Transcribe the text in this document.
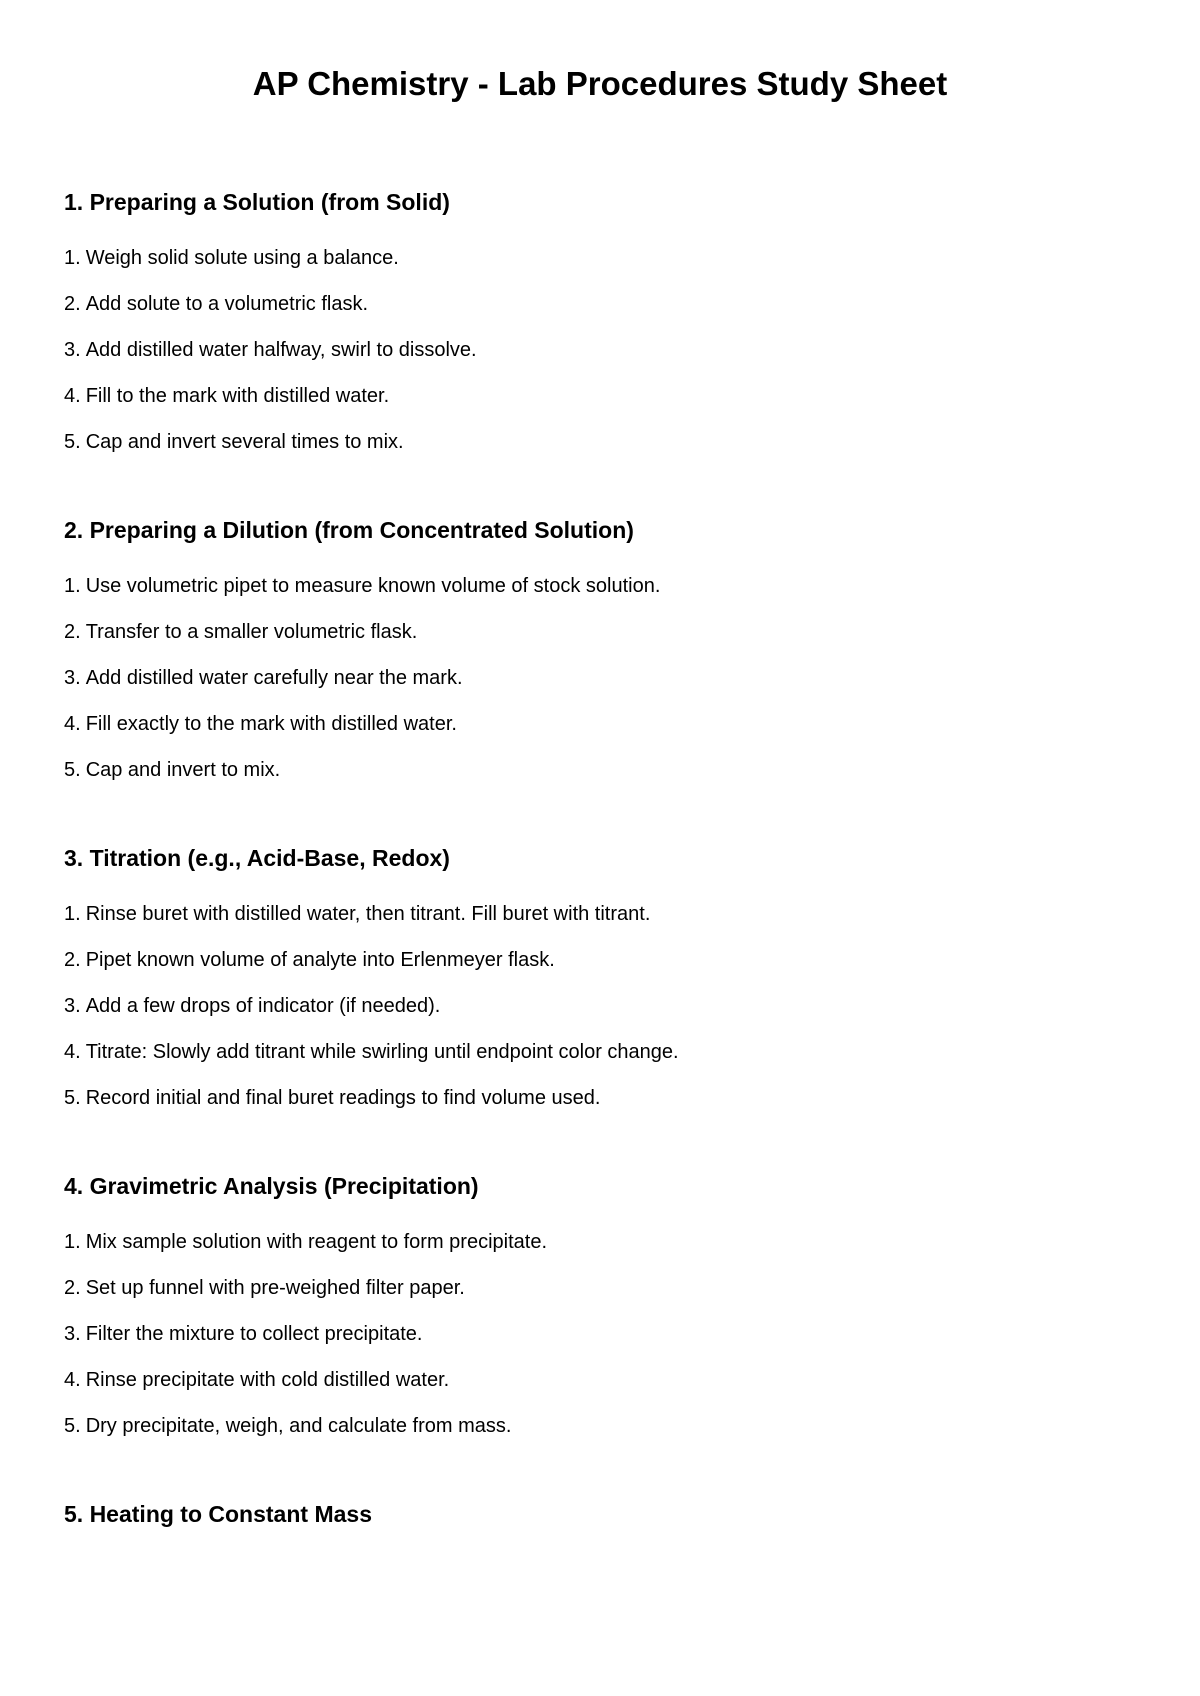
AP Chemistry - Lab Procedures Study Sheet
1. Preparing a Solution (from Solid)
1. Weigh solid solute using a balance.
2. Add solute to a volumetric flask.
3. Add distilled water halfway, swirl to dissolve.
4. Fill to the mark with distilled water.
5. Cap and invert several times to mix.
2. Preparing a Dilution (from Concentrated Solution)
1. Use volumetric pipet to measure known volume of stock solution.
2. Transfer to a smaller volumetric flask.
3. Add distilled water carefully near the mark.
4. Fill exactly to the mark with distilled water.
5. Cap and invert to mix.
3. Titration (e.g., Acid-Base, Redox)
1. Rinse buret with distilled water, then titrant. Fill buret with titrant.
2. Pipet known volume of analyte into Erlenmeyer flask.
3. Add a few drops of indicator (if needed).
4. Titrate: Slowly add titrant while swirling until endpoint color change.
5. Record initial and final buret readings to find volume used.
4. Gravimetric Analysis (Precipitation)
1. Mix sample solution with reagent to form precipitate.
2. Set up funnel with pre-weighed filter paper.
3. Filter the mixture to collect precipitate.
4. Rinse precipitate with cold distilled water.
5. Dry precipitate, weigh, and calculate from mass.
5. Heating to Constant Mass
